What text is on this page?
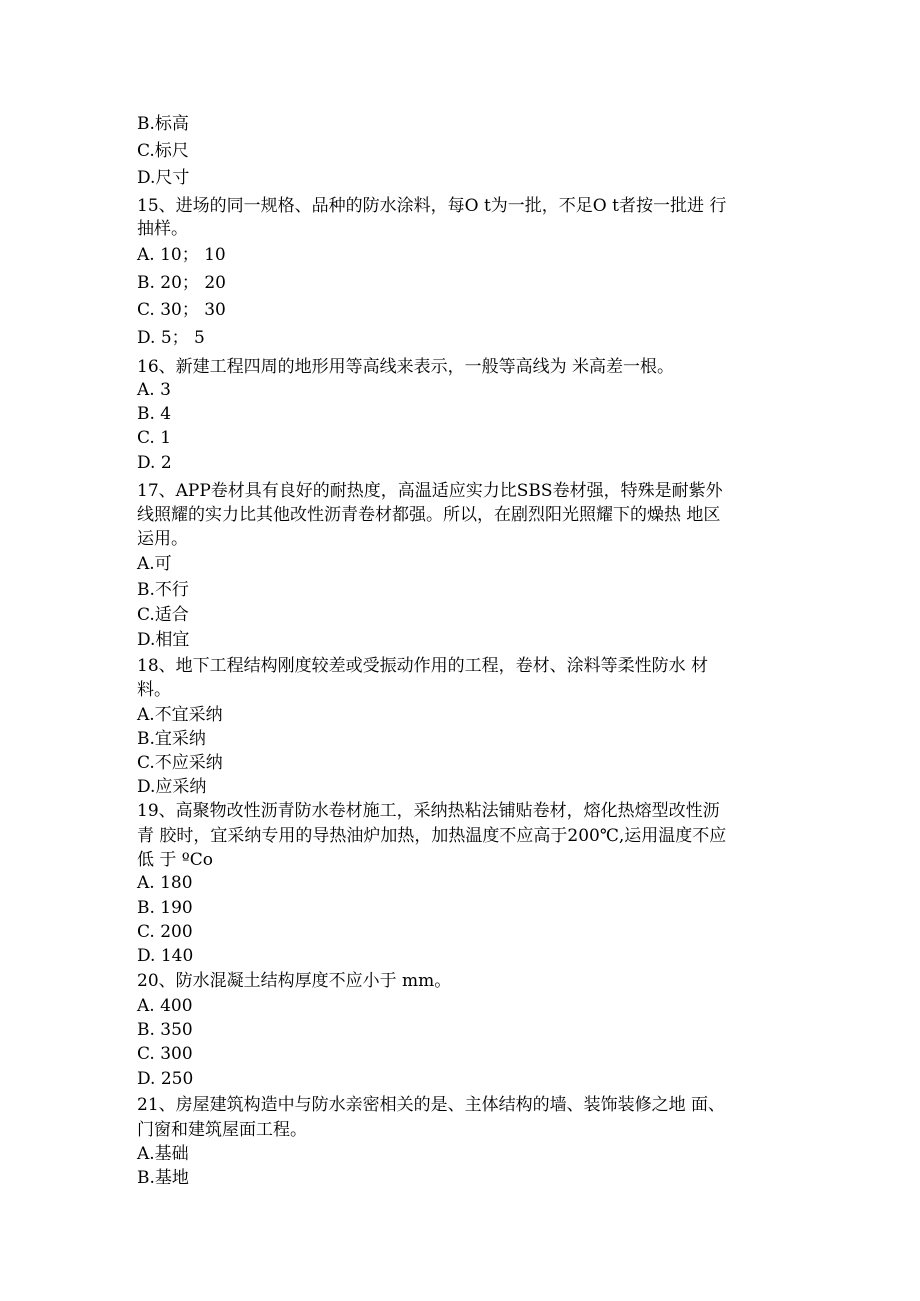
B.标高
C.标尺
D.尺寸
15、进场的同一规格、品种的防水涂料，每O t为一批，不足O t者按一批进 行
抽样。
A. 10； 10
B. 20； 20
C. 30； 30
D. 5； 5
16、新建工程四周的地形用等高线来表示，一般等高线为 米高差一根。
A. 3
B. 4
C. 1
D. 2
17、APP卷材具有良好的耐热度，高温适应实力比SBS卷材强，特殊是耐紫外
线照耀的实力比其他改性沥青卷材都强。所以，在剧烈阳光照耀下的燥热 地区
运用。
A.可
B.不行
C.适合
D.相宜
18、地下工程结构刚度较差或受振动作用的工程，卷材、涂料等柔性防水 材
料。
A.不宜采纳
B.宜采纳
C.不应采纳
D.应采纳
19、高聚物改性沥青防水卷材施工，采纳热粘法铺贴卷材，熔化热熔型改性沥
青 胶时，宜采纳专用的导热油炉加热，加热温度不应高于200℃,运用温度不应
低 于 ºCo
A. 180
B. 190
C. 200
D. 140
20、防水混凝土结构厚度不应小于 mm。
A. 400
B. 350
C. 300
D. 250
21、房屋建筑构造中与防水亲密相关的是、主体结构的墙、装饰装修之地 面、
门窗和建筑屋面工程。
A.基础
B.基地
